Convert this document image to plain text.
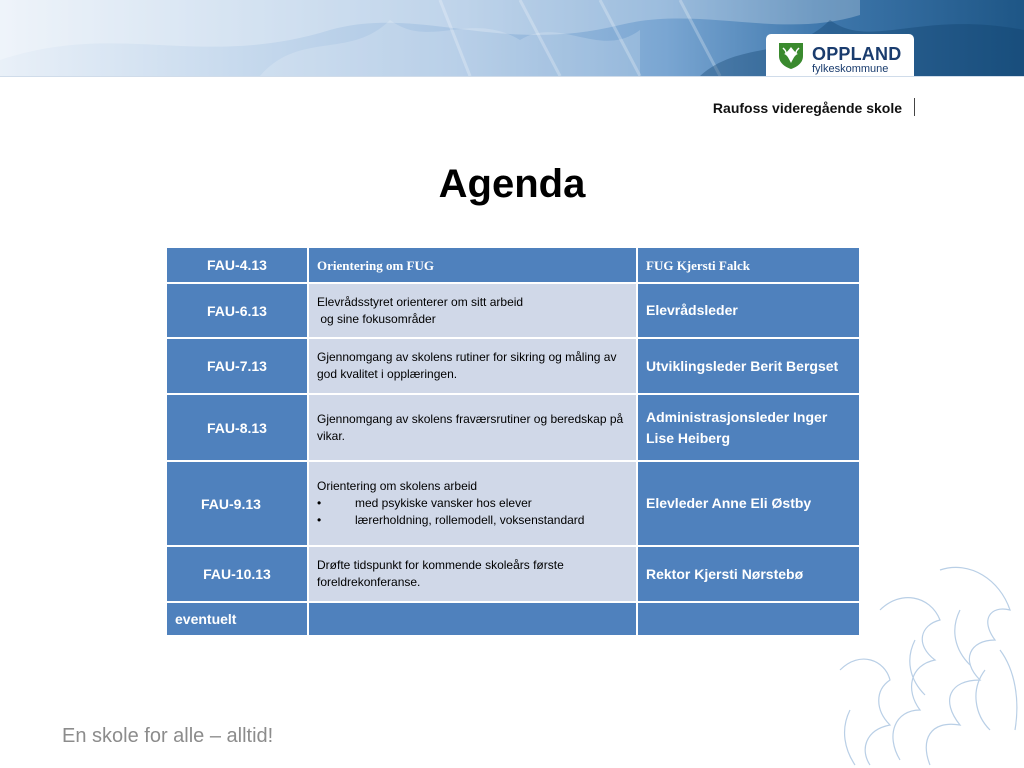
OPPLAND
fylkeskommune
Raufoss videregående skole
Agenda
FAU-4.13	Orientering om FUG	FUG Kjersti Falck
FAU-6.13	Elevrådsstyret orienterer om sitt arbeid
og sine fokusområder	Elevrådsleder
FAU-7.13	Gjennomgang av skolens rutiner for sikring og måling av god kvalitet i opplæringen.	Utviklingsleder Berit Bergset
FAU-8.13	Gjennomgang av skolens fraværsrutiner og beredskap på vikar.	Administrasjonsleder Inger Lise Heiberg
FAU-9.13	Orientering om skolens arbeid
• med psykiske vansker hos elever
• lærerholdning, rollemodell, voksenstandard	Elevleder Anne Eli Østby
FAU-10.13	Drøfte tidspunkt for kommende skoleårs første foreldrekonferanse.	Rektor Kjersti Nørstebø
eventuelt		
En skole for alle – alltid!
